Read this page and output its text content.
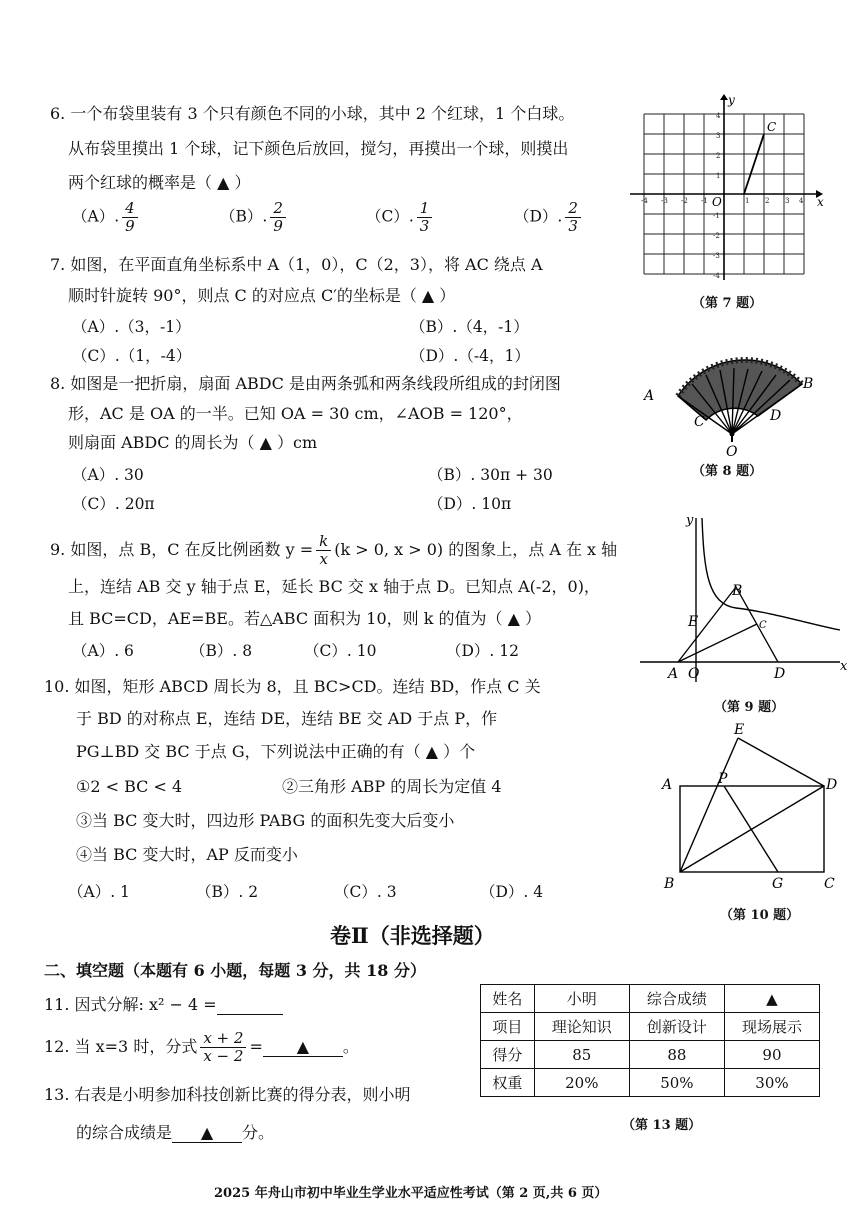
6. 一个布袋里装有 3 个只有颜色不同的小球，其中 2 个红球，1 个白球。
从布袋里摸出 1 个球，记下颜色后放回，搅匀，再摸出一个球，则摸出
两个红球的概率是（ ▲ ）
（A）. $\frac{4}{9}$	（B）. $\frac{2}{9}$	（C）. $\frac{1}{3}$	（D）. $\frac{2}{3}$
7. 如图，在平面直角坐标系中 A（1，0），C（2，3），将 AC 绕点 A
顺时针旋转 90°，则点 C 的对应点 C′的坐标是（ ▲ ）
（A）.（3，-1）	（B）.（4，-1）
（C）.（1，-4）	（D）.（-4，1）
x
y
O
C
-4 -3 -2 -1	1 2 3 4
4
3
2
1
-1
-2
-3
-4
（第 7 题）
8. 如图是一把折扇，扇面 ABDC 是由两条弧和两条线段所组成的封闭图
形，AC 是 OA 的一半。已知 OA = 30 cm，∠AOB = 120°，
则扇面 ABDC 的周长为（ ▲ ）cm
（A）. 30	（B）. 30π + 30
（C）. 20π	（D）. 10π
A
B
C	D
O
（第 8 题）
9. 如图，点 B，C 在反比例函数 $y = \frac{k}{x} (k > 0$, x > 0) 的图象上，点 A 在 x 轴
上，连结 AB 交 y 轴于点 E，延长 BC 交 x 轴于点 D。已知点 A(-2，0)，
且 BC=CD，AE=BE。若△ABC 面积为 10，则 k 的值为（ ▲ ）
（A）. 6	（B）. 8	（C）. 10	（D）. 12
y
x
A O	D
B
E	C
（第 9 题）
10. 如图，矩形 ABCD 周长为 8，且 BC>CD。连结 BD，作点 C 关
于 BD 的对称点 E，连结 DE，连结 BE 交 AD 于点 P，作
PG⊥BD 交 BC 于点 G，下列说法中正确的有（ ▲ ）个
①2 < BC < 4	②三角形 ABP 的周长为定值 4
③当 BC 变大时，四边形 PABG 的面积先变大后变小
④当 BC 变大时，AP 反而变小
（A）. 1	（B）. 2	（C）. 3	（D）. 4
A	P	D
E
B	G	C
（第 10 题）
卷Ⅱ（非选择题）
二、填空题（本题有 6 小题，每题 3 分，共 18 分）
11. 因式分解: x² − 4 =
12. 当 x=3 时，分式 $\frac{x + 2}{x - 2}$ = ▲ 。
13. 右表是小明参加科技创新比赛的得分表，则小明
的综合成绩是 ▲ 分。
姓名	小明	综合成绩	▲
项目	理论知识	创新设计	现场展示
得分	85	88	90
权重	20%	50%	30%
（第 13 题）
2025 年舟山市初中毕业生学业水平适应性考试（第 2 页,共 6 页）
